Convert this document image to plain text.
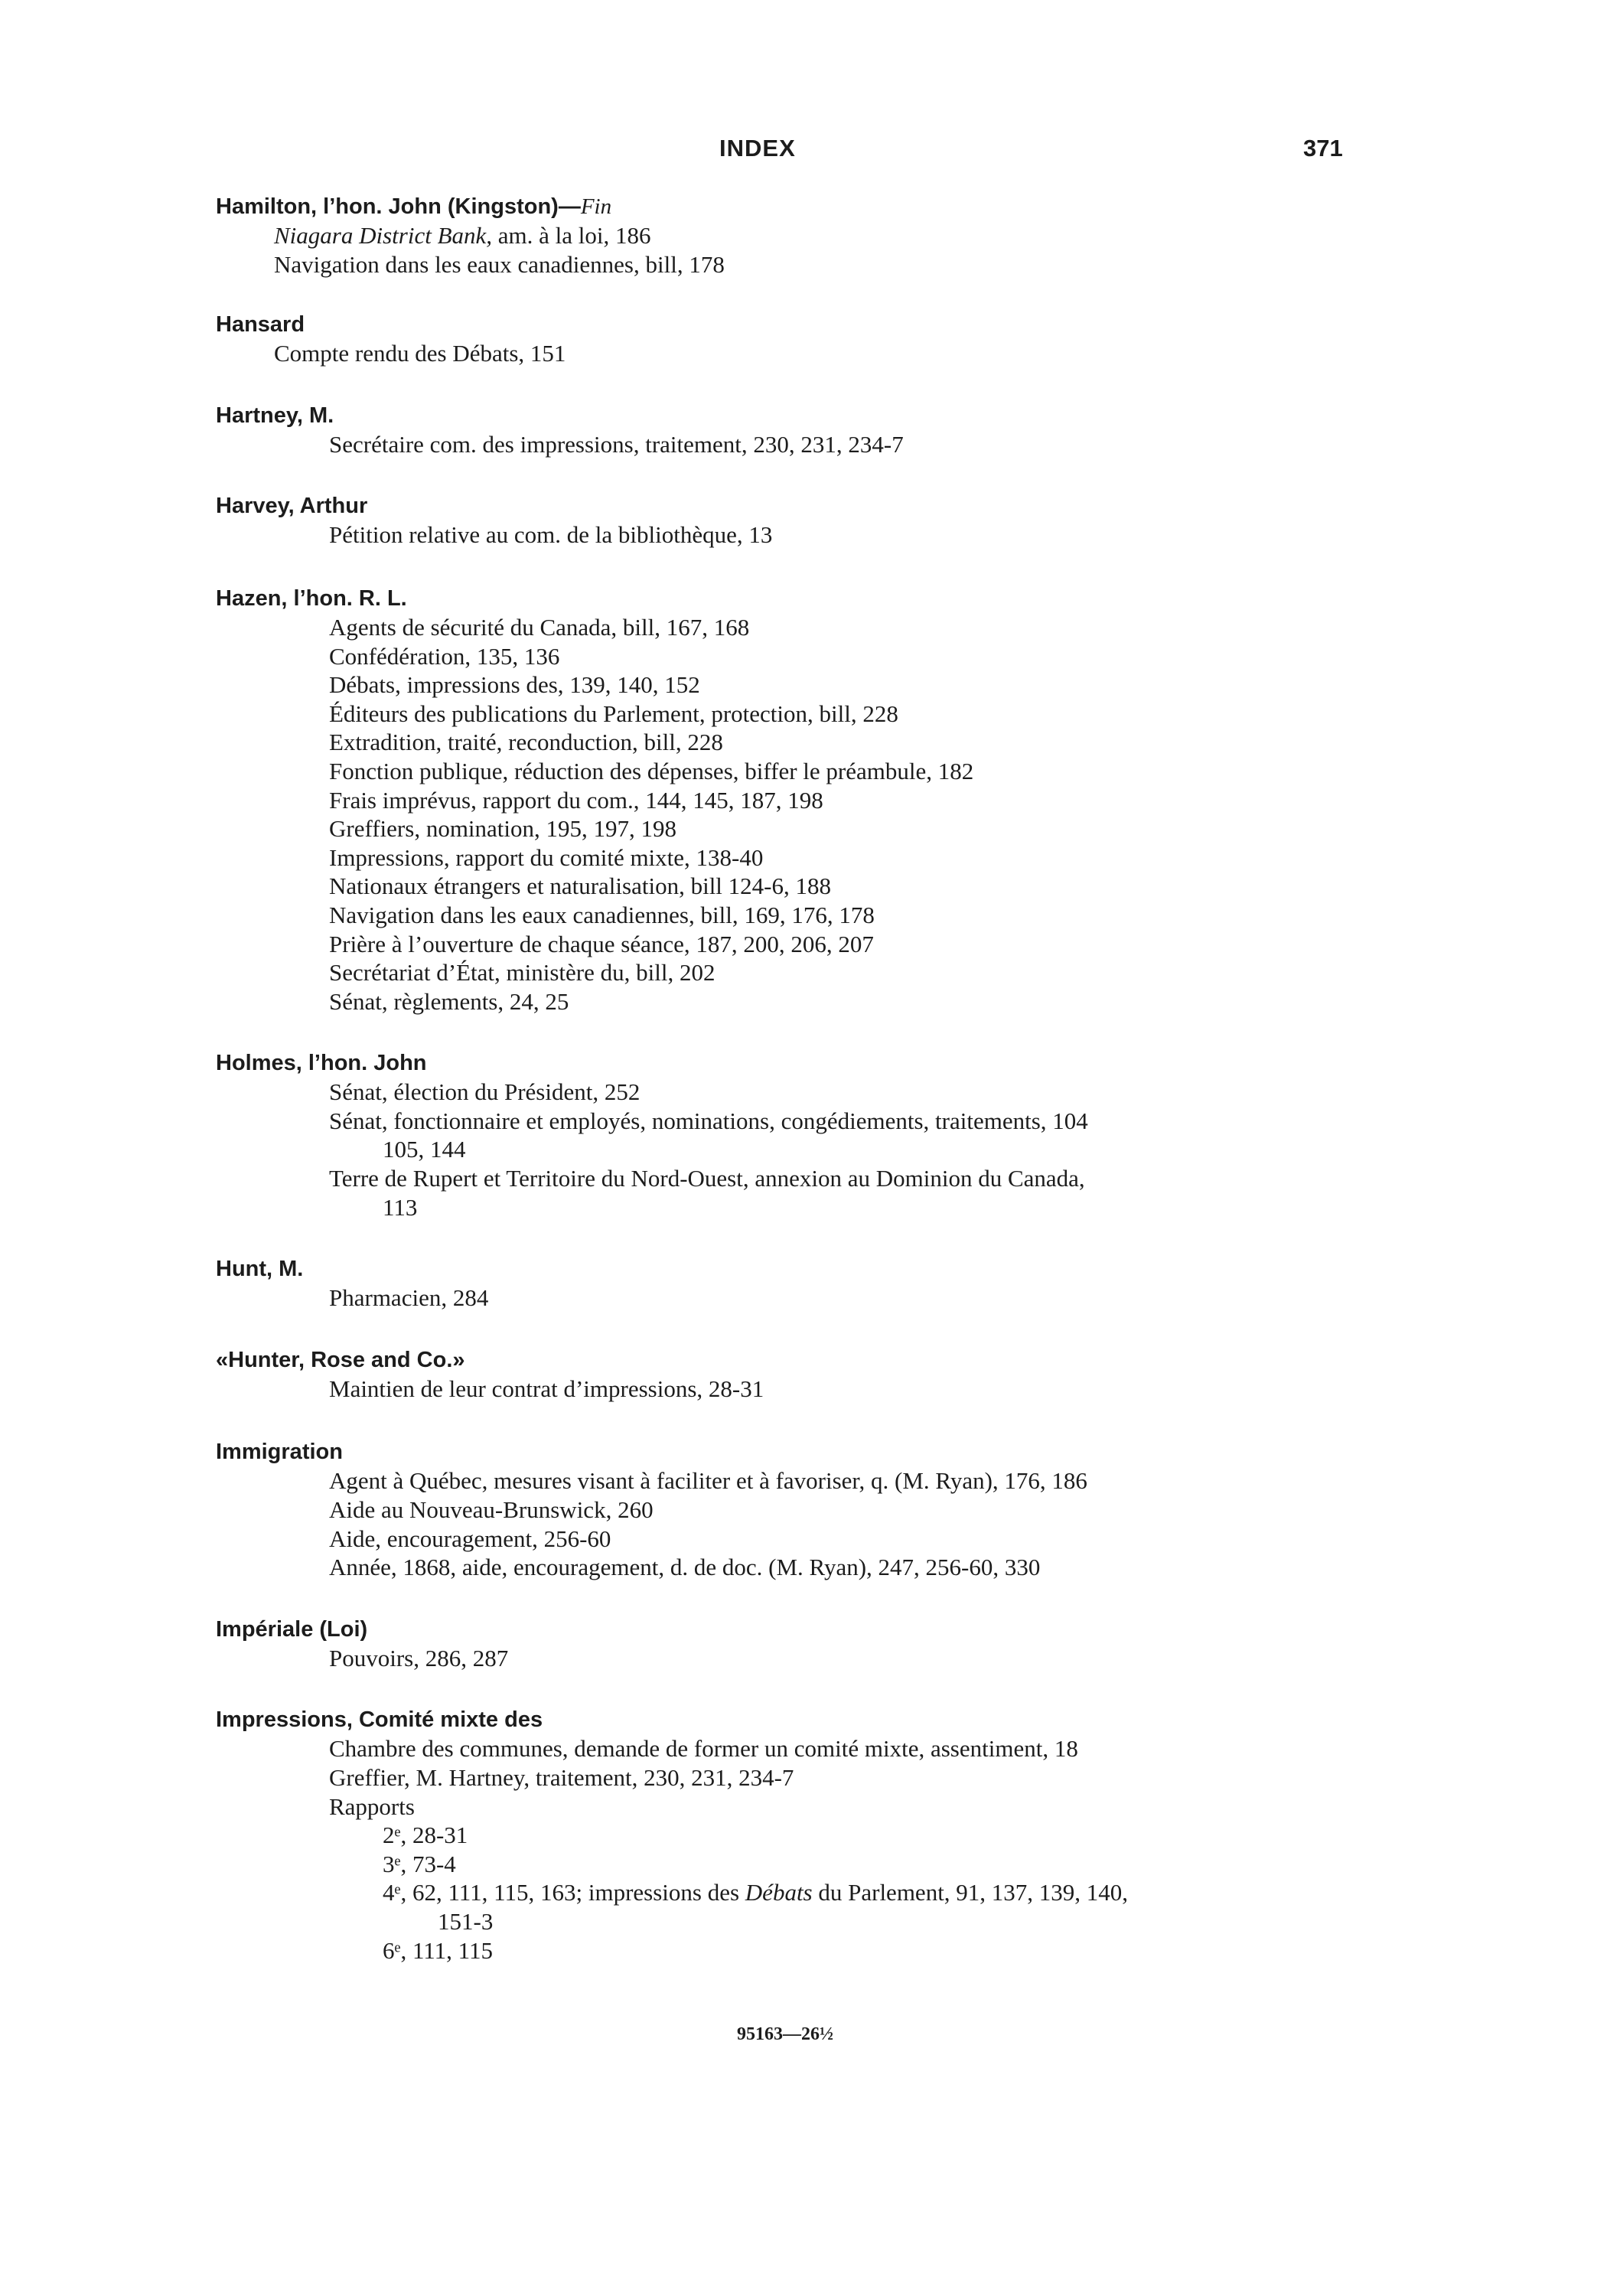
INDEX	371
Hamilton, l’hon. John (Kingston)—Fin
Niagara District Bank, am. à la loi, 186
Navigation dans les eaux canadiennes, bill, 178
Hansard
Compte rendu des Débats, 151
Hartney, M.
Secrétaire com. des impressions, traitement, 230, 231, 234-7
Harvey, Arthur
Pétition relative au com. de la bibliothèque, 13
Hazen, l’hon. R. L.
Agents de sécurité du Canada, bill, 167, 168
Confédération, 135, 136
Débats, impressions des, 139, 140, 152
Éditeurs des publications du Parlement, protection, bill, 228
Extradition, traité, reconduction, bill, 228
Fonction publique, réduction des dépenses, biffer le préambule, 182
Frais imprévus, rapport du com., 144, 145, 187, 198
Greffiers, nomination, 195, 197, 198
Impressions, rapport du comité mixte, 138-40
Nationaux étrangers et naturalisation, bill 124-6, 188
Navigation dans les eaux canadiennes, bill, 169, 176, 178
Prière à l’ouverture de chaque séance, 187, 200, 206, 207
Secrétariat d’État, ministère du, bill, 202
Sénat, règlements, 24, 25
Holmes, l’hon. John
Sénat, élection du Président, 252
Sénat, fonctionnaire et employés, nominations, congédiements, traitements, 104
105, 144
Terre de Rupert et Territoire du Nord-Ouest, annexion au Dominion du Canada,
113
Hunt, M.
Pharmacien, 284
«Hunter, Rose and Co.»
Maintien de leur contrat d’impressions, 28-31
Immigration
Agent à Québec, mesures visant à faciliter et à favoriser, q. (M. Ryan), 176, 186
Aide au Nouveau-Brunswick, 260
Aide, encouragement, 256-60
Année, 1868, aide, encouragement, d. de doc. (M. Ryan), 247, 256-60, 330
Impériale (Loi)
Pouvoirs, 286, 287
Impressions, Comité mixte des
Chambre des communes, demande de former un comité mixte, assentiment, 18
Greffier, M. Hartney, traitement, 230, 231, 234-7
Rapports
2ᵉ, 28-31
3ᵉ, 73-4
4ᵉ, 62, 111, 115, 163; impressions des Débats du Parlement, 91, 137, 139, 140,
151-3
6ᵉ, 111, 115
95163—26½
